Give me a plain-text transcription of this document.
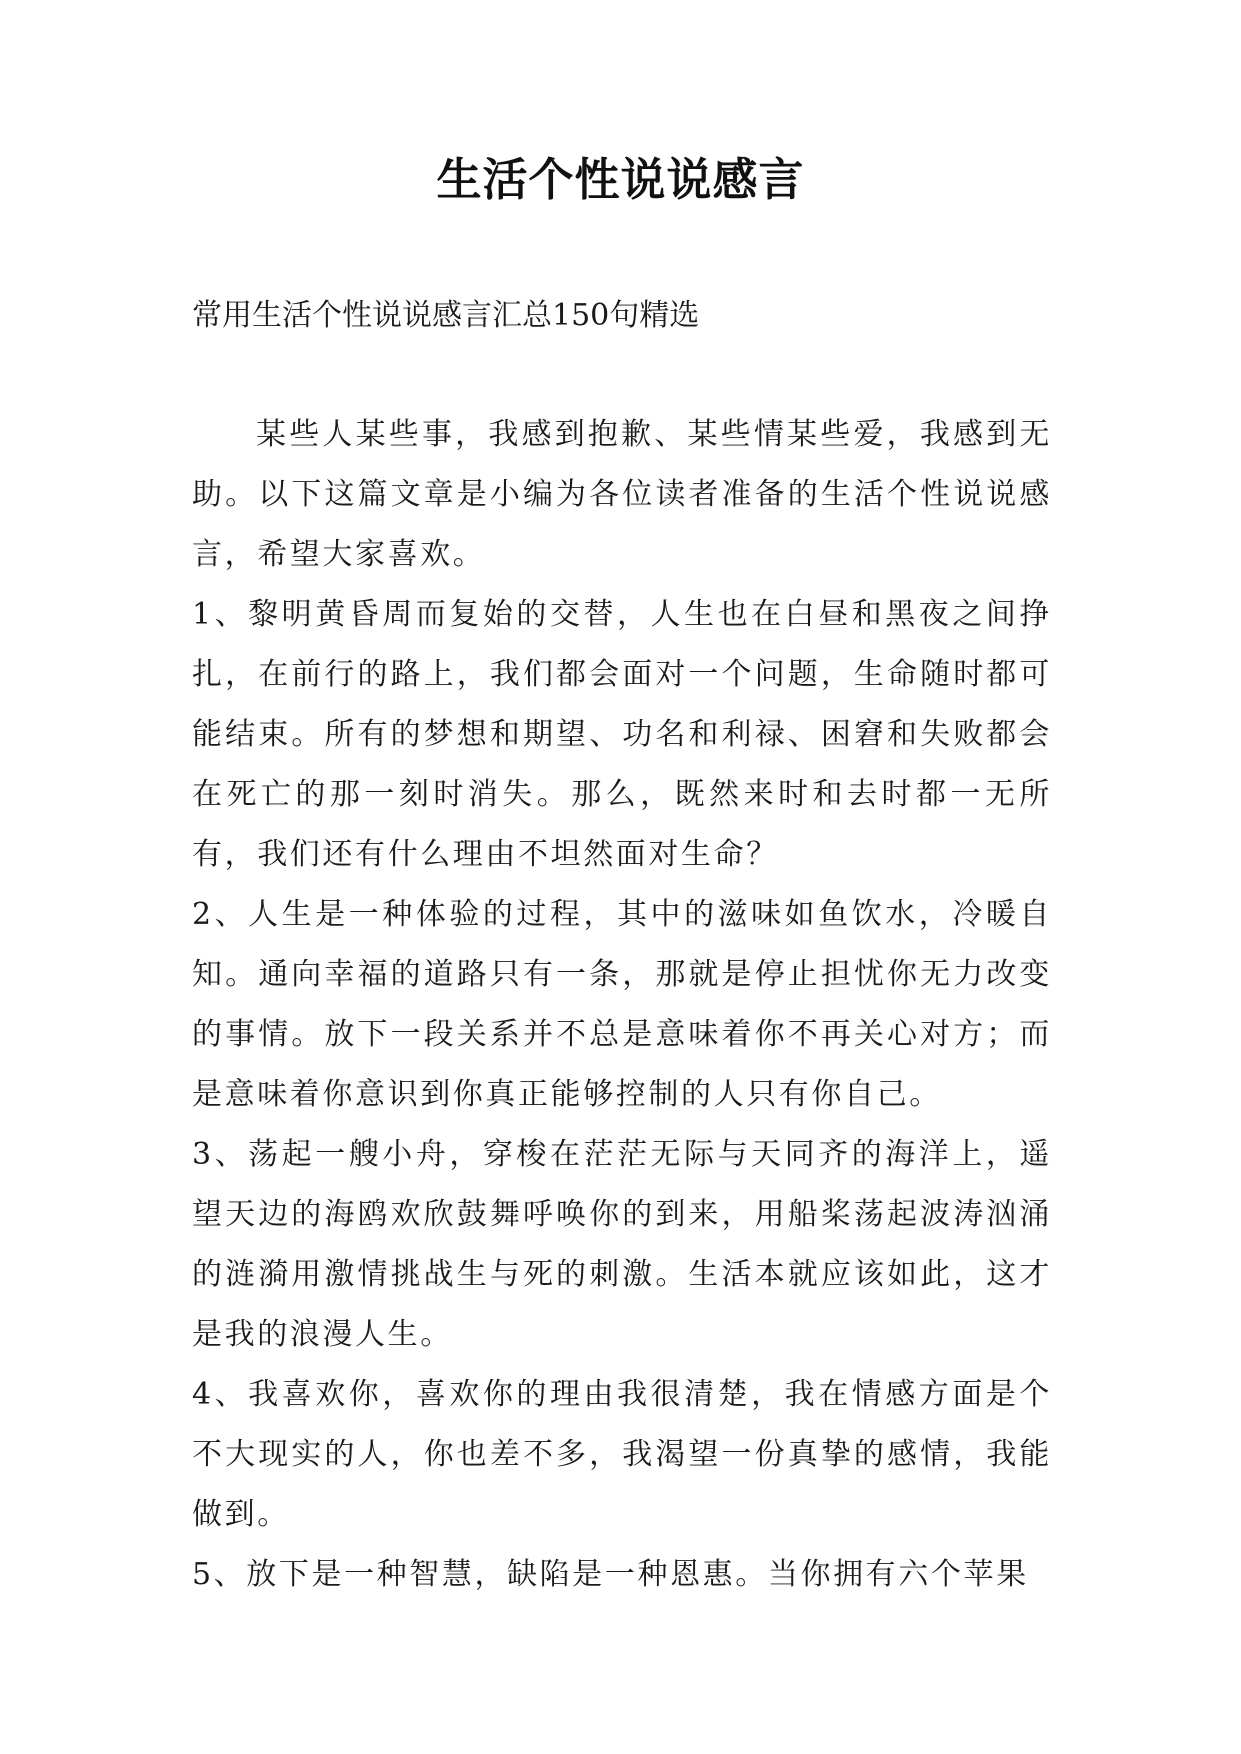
生活个性说说感言
常用生活个性说说感言汇总150句精选

某些人某些事，我感到抱歉、某些情某些爱，我感到无助。以下这篇文章是小编为各位读者准备的生活个性说说感言，希望大家喜欢。

1、黎明黄昏周而复始的交替，人生也在白昼和黑夜之间挣扎，在前行的路上，我们都会面对一个问题，生命随时都可能结束。所有的梦想和期望、功名和利禄、困窘和失败都会在死亡的那一刻时消失。那么，既然来时和去时都一无所有，我们还有什么理由不坦然面对生命？

2、人生是一种体验的过程，其中的滋味如鱼饮水，冷暖自知。通向幸福的道路只有一条，那就是停止担忧你无力改变的事情。放下一段关系并不总是意味着你不再关心对方；而是意味着你意识到你真正能够控制的人只有你自己。

3、荡起一艘小舟，穿梭在茫茫无际与天同齐的海洋上，遥望天边的海鸥欢欣鼓舞呼唤你的到来，用船桨荡起波涛汹涌的涟漪用激情挑战生与死的刺激。生活本就应该如此，这才是我的浪漫人生。

4、我喜欢你，喜欢你的理由我很清楚，我在情感方面是个不大现实的人，你也差不多，我渴望一份真挚的感情，我能做到。

5、放下是一种智慧，缺陷是一种恩惠。当你拥有六个苹果
